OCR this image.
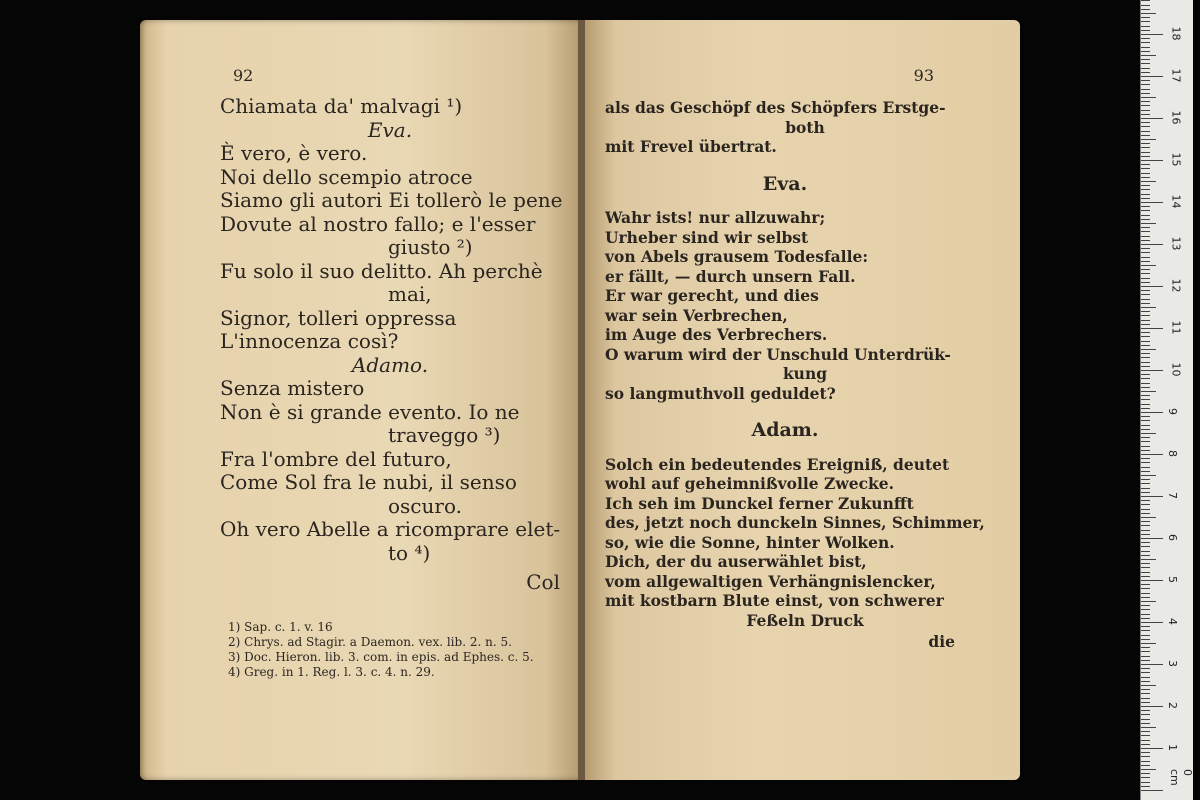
92
Chiamata da' malvagi ¹)
Eva.
È vero, è vero.
Noi dello scempio atroce
Siamo gli autori Ei tollerò le pene
Dovute al nostro fallo; e l'esser
giusto ²)
Fu solo il suo delitto. Ah perchè
mai,
Signor, tolleri oppressa
L'innocenza così?
Adamo.
Senza mistero
Non è si grande evento. Io ne
traveggo ³)
Fra l'ombre del futuro,
Come Sol fra le nubi, il senso
oscuro.
Oh vero Abelle a ricomprare elet-
to ⁴)
Col
1) Sap. c. 1. v. 16
2) Chrys. ad Stagir. a Daemon. vex. lib. 2. n. 5.
3) Doc. Hieron. lib. 3. com. in epis. ad Ephes. c. 5.
4) Greg. in 1. Reg. l. 3. c. 4. n. 29.
93
als das Geschöpf des Schöpfers Erstge-
both
mit Frevel übertrat.
Eva.
Wahr ists! nur allzuwahr;
Urheber sind wir selbst
von Abels grausem Todesfalle:
er fällt, — durch unsern Fall.
Er war gerecht, und dies
war sein Verbrechen,
im Auge des Verbrechers.
O warum wird der Unschuld Unterdrük-
kung
so langmuthvoll geduldet?
Adam.
Solch ein bedeutendes Ereigniß, deutet
wohl auf geheimnißvolle Zwecke.
Ich seh im Dunckel ferner Zukunfft
des, jetzt noch dunckeln Sinnes, Schimmer,
so, wie die Sonne, hinter Wolken.
Dich, der du auserwählet bist,
vom allgewaltigen Verhängnislencker,
mit kostbarn Blute einst, von schwerer
Feßeln Druck
die
0 cm
1
2
3
4
5
6
7
8
9
10
11
12
13
14
15
16
17
18
